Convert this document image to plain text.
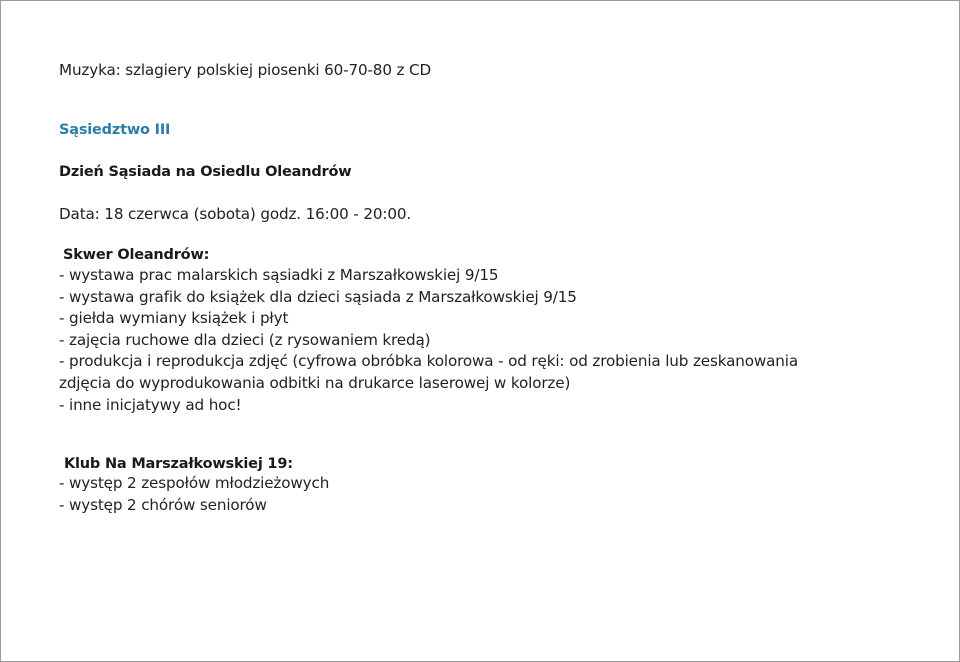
Muzyka: szlagiery polskiej piosenki 60-70-80 z CD
Sąsiedztwo III
Dzień Sąsiada na Osiedlu Oleandrów
Data: 18 czerwca (sobota) godz. 16:00 - 20:00.
Skwer Oleandrów:
- wystawa prac malarskich sąsiadki z Marszałkowskiej 9/15
- wystawa grafik do książek dla dzieci sąsiada z Marszałkowskiej 9/15
- giełda wymiany książek i płyt
- zajęcia ruchowe dla dzieci (z rysowaniem kredą)
- produkcja i reprodukcja zdjęć (cyfrowa obróbka kolorowa - od ręki: od zrobienia lub zeskanowania
zdjęcia do wyprodukowania odbitki na drukarce laserowej w kolorze)
- inne inicjatywy ad hoc!
Klub Na Marszałkowskiej 19:
- występ 2 zespołów młodzieżowych
- występ 2 chórów seniorów
